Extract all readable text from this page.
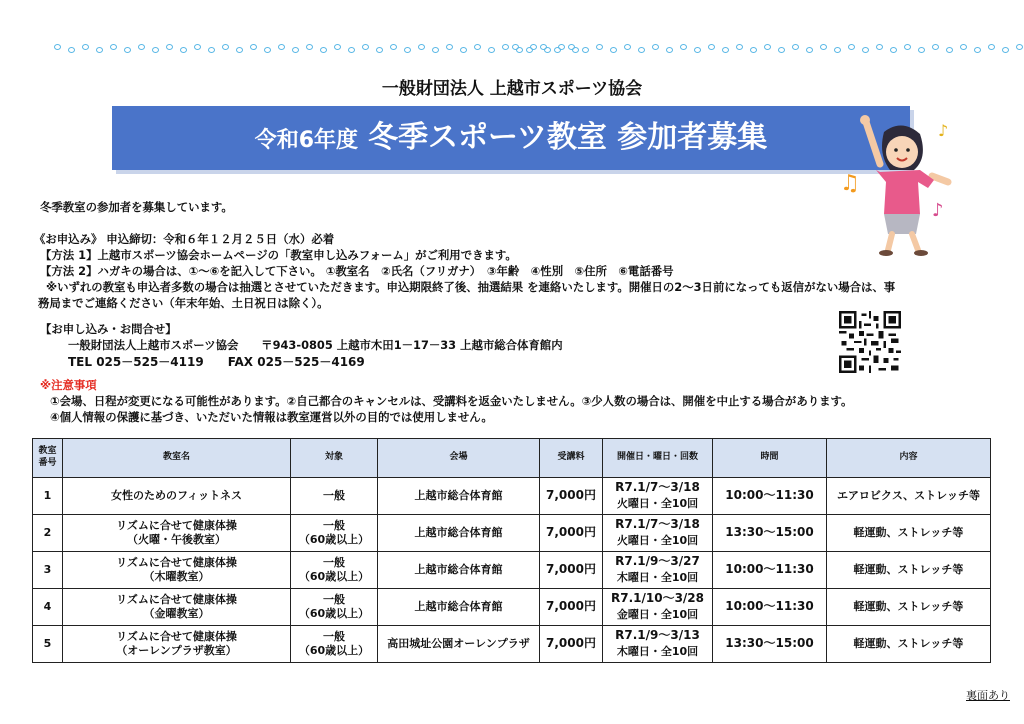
一般財団法人 上越市スポーツ協会
令和6年度 冬季スポーツ教室 参加者募集
♫
♪
♪
冬季教室の参加者を募集しています。
《お申込み》 申込締切：令和６年１２月２５日（水）必着
【方法 1】上越市スポーツ協会ホームページの「教室申し込みフォーム」がご利用できます。
【方法 2】ハガキの場合は、①～⑥を記入して下さい。 ①教室名　②氏名（フリガナ）　③年齢　④性別　⑤住所　⑥電話番号
※いずれの教室も申込者多数の場合は抽選とさせていただきます。申込期限終了後、抽選結果 を連絡いたします。開催日の2～3日前になっても返信がない場合は、事
務局までご連絡ください（年末年始、土日祝日は除く）。
【お申し込み・お問合せ】
一般財団法人上越市スポーツ協会　　〒943-0805 上越市木田1－17－33 上越市総合体育館内
TEL 025－525－4119　　FAX 025－525－4169
※注意事項
①会場、日程が変更になる可能性があります。②自己都合のキャンセルは、受講料を返金いたしません。③少人数の場合は、開催を中止する場合があります。
④個人情報の保護に基づき、いただいた情報は教室運営以外の目的では使用しません。
教室
番号	教室名	対象	会場	受講料	開催日・曜日・回数	時間	内容
1	女性のためのフィットネス	一般	上越市総合体育館	7,000円	R7.1/7～3/18
火曜日・全10回	10:00～11:30	エアロビクス、ストレッチ等
2	リズムに合せて健康体操
（火曜・午後教室）	一般
（60歳以上）	上越市総合体育館	7,000円	R7.1/7～3/18
火曜日・全10回	13:30～15:00	軽運動、ストレッチ等
3	リズムに合せて健康体操
（木曜教室）	一般
（60歳以上）	上越市総合体育館	7,000円	R7.1/9～3/27
木曜日・全10回	10:00～11:30	軽運動、ストレッチ等
4	リズムに合せて健康体操
（金曜教室）	一般
（60歳以上）	上越市総合体育館	7,000円	R7.1/10～3/28
金曜日・全10回	10:00～11:30	軽運動、ストレッチ等
5	リズムに合せて健康体操
（オーレンプラザ教室）	一般
（60歳以上）	高田城址公園オーレンプラザ	7,000円	R7.1/9～3/13
木曜日・全10回	13:30～15:00	軽運動、ストレッチ等
裏面あり
